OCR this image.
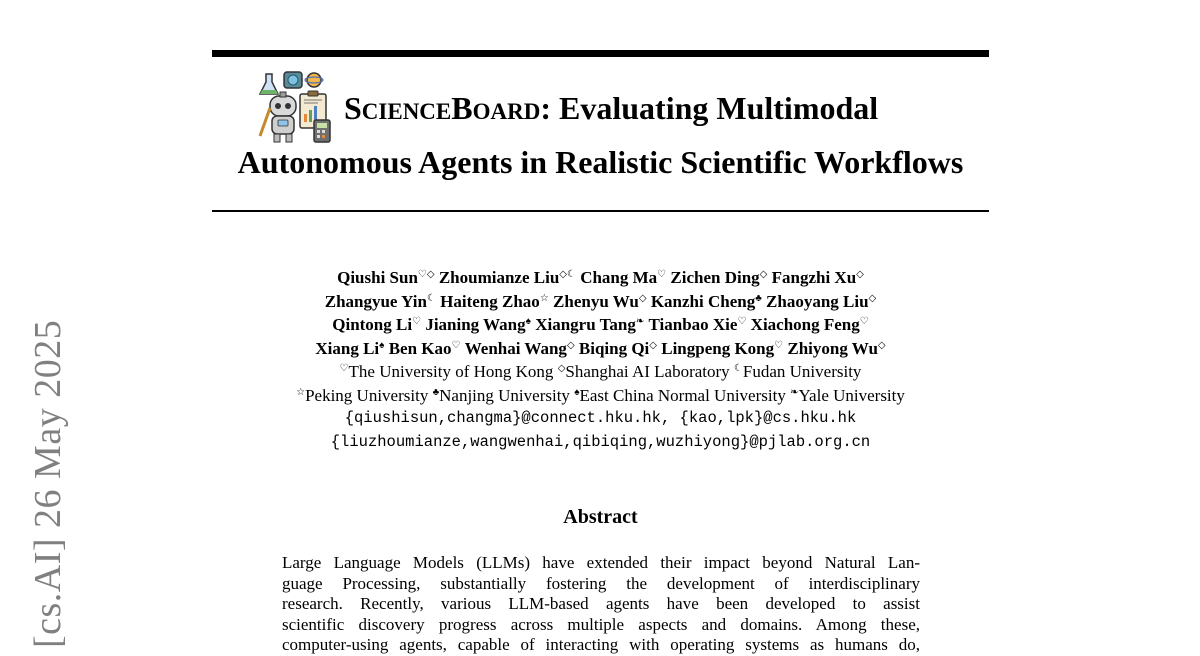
[cs.AI] 26 May 2025
SCIENCEBOARD: Evaluating Multimodal
Autonomous Agents in Realistic Scientific Workflows
Qiushi Sun♡◇ Zhoumianze Liu◇☾ Chang Ma♡ Zichen Ding◇ Fangzhi Xu◇
Zhangyue Yin☾ Haiteng Zhao☆ Zhenyu Wu◇ Kanzhi Cheng♣ Zhaoyang Liu◇
Qintong Li♡ Jianing Wang♠ Xiangru Tang❧ Tianbao Xie♡ Xiachong Feng♡
Xiang Li♠ Ben Kao♡ Wenhai Wang◇ Biqing Qi◇ Lingpeng Kong♡ Zhiyong Wu◇
♡The University of Hong Kong ◇Shanghai AI Laboratory ☾Fudan University
☆Peking University ♣Nanjing University ♠East China Normal University ❧Yale University
{qiushisun,changma}@connect.hku.hk, {kao,lpk}@cs.hku.hk
{liuzhoumianze,wangwenhai,qibiqing,wuzhiyong}@pjlab.org.cn
Abstract
Large Language Models (LLMs) have extended their impact beyond Natural Lan-
guage Processing, substantially fostering the development of interdisciplinary
research. Recently, various LLM-based agents have been developed to assist
scientific discovery progress across multiple aspects and domains. Among these,
computer-using agents, capable of interacting with operating systems as humans do,
